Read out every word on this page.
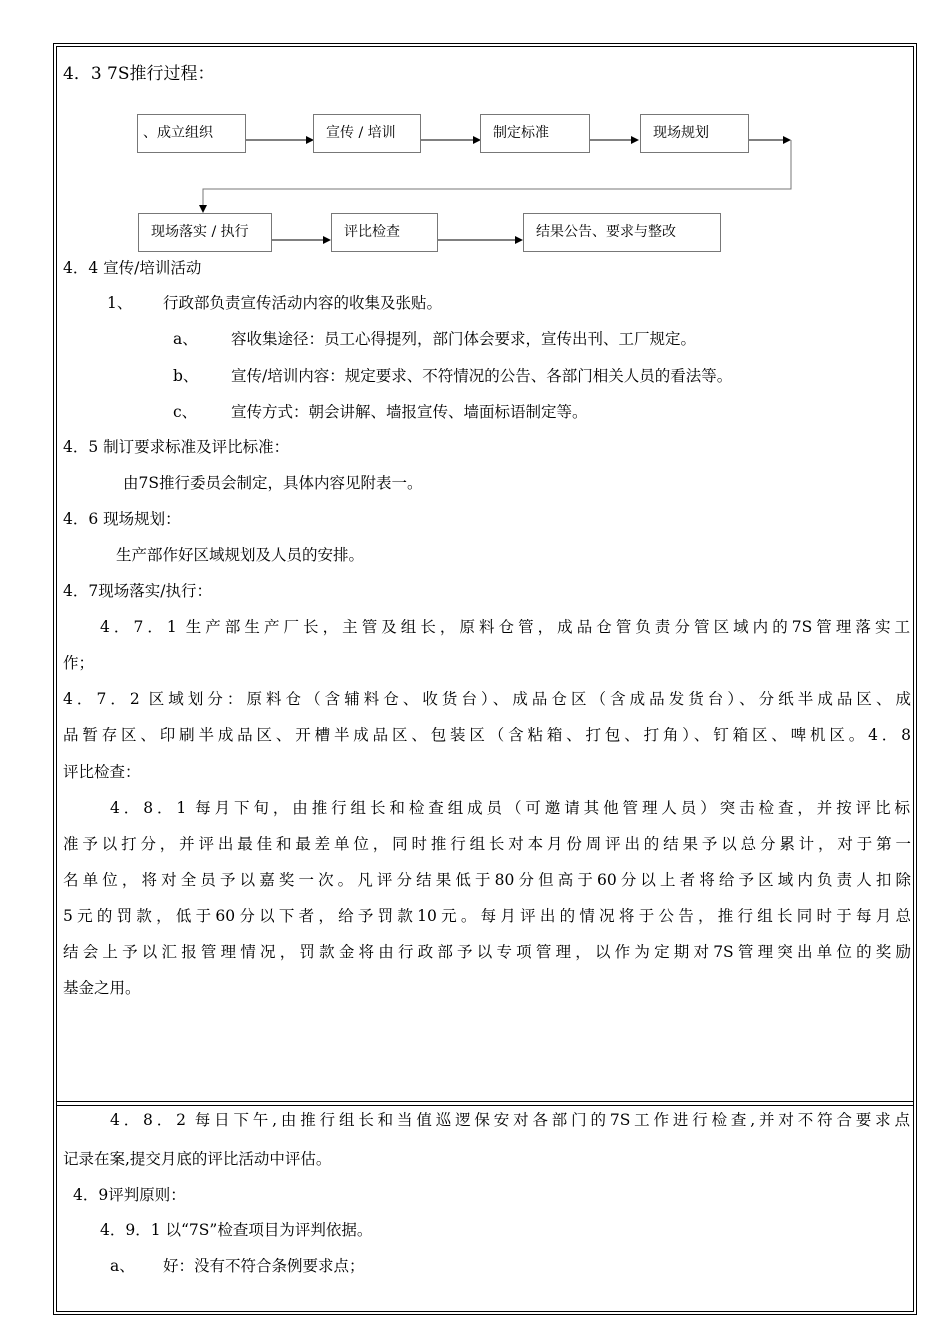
4．3 7S推行过程：
、成立组织	宣传 / 培训	制定标准	现场规划
现场落实 / 执行	评比检查	结果公告、要求与整改
4．4 宣传/培训活动
1、 行政部负责宣传活动内容的收集及张贴。
a、 容收集途径：员工心得提列，部门体会要求，宣传出刊、工厂规定。
b、 宣传/培训内容：规定要求、不符情况的公告、各部门相关人员的看法等。
c、 宣传方式：朝会讲解、墙报宣传、墙面标语制定等。
4．5 制订要求标准及评比标准：
由7S推行委员会制定，具体内容见附表一。
4．6 现场规划：
生产部作好区域规划及人员的安排。
4．7现场落实/执行：
4．7．1 生产部生产厂长，主管及组长，原料仓管，成品仓管负责分管区域内的7S管理落实工
作；
4．7．2 区域划分：原料仓（含辅料仓、收货台）、成品仓区（含成品发货台）、分纸半成品区、成
品暂存区、印刷半成品区、开槽半成品区、包装区（含粘箱、打包、打角）、钉箱区、啤机区。4．8
评比检查：
4．8．1 每月下旬，由推行组长和检查组成员（可邀请其他管理人员）突击检查，并按评比标
准予以打分，并评出最佳和最差单位，同时推行组长对本月份周评出的结果予以总分累计，对于第一
名单位，将对全员予以嘉奖一次。凡评分结果低于80分但高于60分以上者将给予区域内负责人扣除
5元的罚款，低于60分以下者，给予罚款10元。每月评出的情况将于公告，推行组长同时于每月总
结会上予以汇报管理情况，罚款金将由行政部予以专项管理，以作为定期对7S管理突出单位的奖励
基金之用。
4．8．2 每日下午,由推行组长和当值巡逻保安对各部门的7S工作进行检查,并对不符合要求点
记录在案,提交月底的评比活动中评估。
4．9评判原则：
4．9．1 以“7S”检查项目为评判依据。
a、 好：没有不符合条例要求点；
